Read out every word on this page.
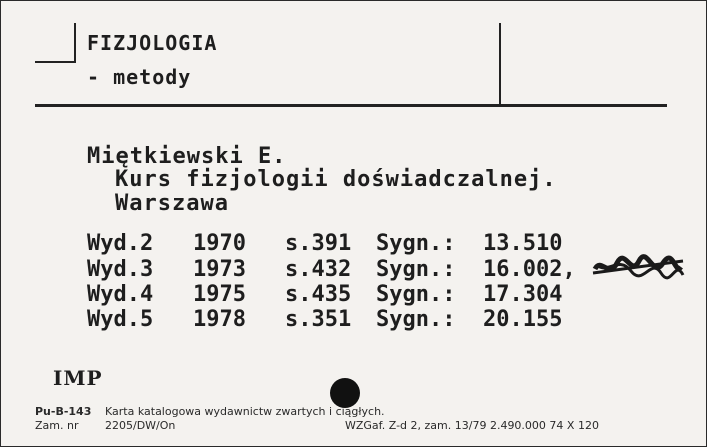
FIZJOLOGIA
- metody
Miętkiewski E.
Kurs fizjologii doświadczalnej.
Warszawa
Wyd.2 1970 s.391 Sygn.: 13.510
Wyd.3 1973 s.432 Sygn.: 16.002,
Wyd.4 1975 s.435 Sygn.: 17.304
Wyd.5 1978 s.351 Sygn.: 20.155
IMP
Pu-B-143 Karta katalogowa wydawnictw zwartych i ciągłych.
Zam. nr 2205/DW/On	WZGaf. Z-d 2, zam. 13/79 2.490.000 74 X 120
